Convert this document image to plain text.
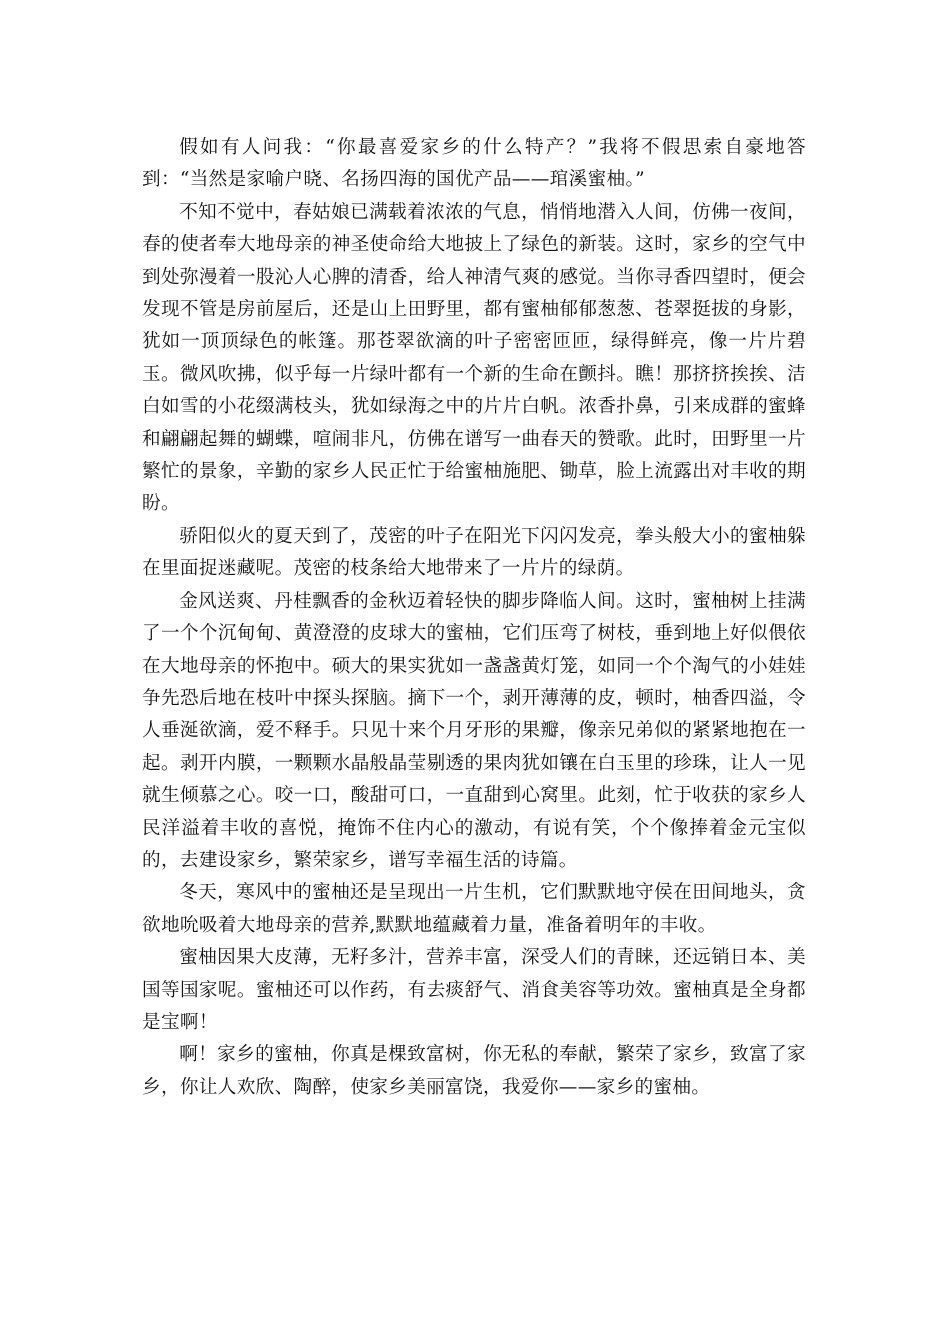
假如有人问我：“你最喜爱家乡的什么特产？”我将不假思索自豪地答到：“当然是家喻户晓、名扬四海的国优产品——琯溪蜜柚。”

不知不觉中，春姑娘已满载着浓浓的气息，悄悄地潜入人间，仿佛一夜间，春的使者奉大地母亲的神圣使命给大地披上了绿色的新装。这时，家乡的空气中到处弥漫着一股沁人心脾的清香，给人神清气爽的感觉。当你寻香四望时，便会发现不管是房前屋后，还是山上田野里，都有蜜柚郁郁葱葱、苍翠挺拔的身影，犹如一顶顶绿色的帐篷。那苍翠欲滴的叶子密密匝匝，绿得鲜亮，像一片片碧玉。微风吹拂，似乎每一片绿叶都有一个新的生命在颤抖。瞧！那挤挤挨挨、洁白如雪的小花缀满枝头，犹如绿海之中的片片白帆。浓香扑鼻，引来成群的蜜蜂和翩翩起舞的蝴蝶，喧闹非凡，仿佛在谱写一曲春天的赞歌。此时，田野里一片繁忙的景象，辛勤的家乡人民正忙于给蜜柚施肥、锄草，脸上流露出对丰收的期盼。

骄阳似火的夏天到了，茂密的叶子在阳光下闪闪发亮，拳头般大小的蜜柚躲在里面捉迷藏呢。茂密的枝条给大地带来了一片片的绿荫。

金风送爽、丹桂飘香的金秋迈着轻快的脚步降临人间。这时，蜜柚树上挂满了一个个沉甸甸、黄澄澄的皮球大的蜜柚，它们压弯了树枝，垂到地上好似偎依在大地母亲的怀抱中。硕大的果实犹如一盏盏黄灯笼，如同一个个淘气的小娃娃争先恐后地在枝叶中探头探脑。摘下一个，剥开薄薄的皮，顿时，柚香四溢，令人垂涎欲滴，爱不释手。只见十来个月牙形的果瓣，像亲兄弟似的紧紧地抱在一起。剥开内膜，一颗颗水晶般晶莹剔透的果肉犹如镶在白玉里的珍珠，让人一见就生倾慕之心。咬一口，酸甜可口，一直甜到心窝里。此刻，忙于收获的家乡人民洋溢着丰收的喜悦，掩饰不住内心的激动，有说有笑，个个像捧着金元宝似的，去建设家乡，繁荣家乡，谱写幸福生活的诗篇。

冬天，寒风中的蜜柚还是呈现出一片生机，它们默默地守侯在田间地头，贪欲地吮吸着大地母亲的营养,默默地蕴藏着力量，准备着明年的丰收。

蜜柚因果大皮薄，无籽多汁，营养丰富，深受人们的青睐，还远销日本、美国等国家呢。蜜柚还可以作药，有去痰舒气、消食美容等功效。蜜柚真是全身都是宝啊！

啊！家乡的蜜柚，你真是棵致富树，你无私的奉献，繁荣了家乡，致富了家乡，你让人欢欣、陶醉，使家乡美丽富饶，我爱你——家乡的蜜柚。
